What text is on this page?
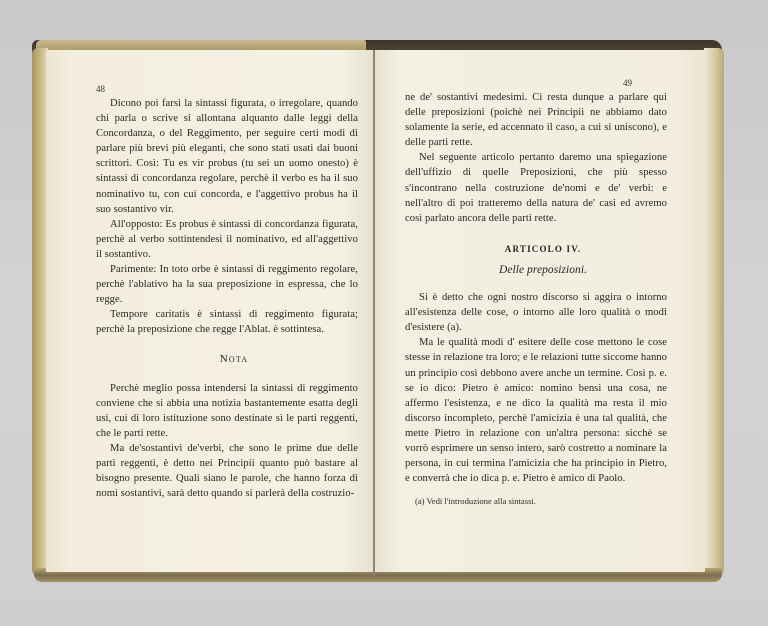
48

Dicono poi farsi la sintassi figurata, o irregolare, quando chi parla o scrive si allontana alquanto dalle leggi della Concordanza, o del Reggimento, per seguire certi modi di parlare più brevi più eleganti, che sono stati usati dai buoni scrittori. Così: Tu es vir probus (tu sei un uomo onesto) è sintassi di concordanza regolare, perchè il verbo es ha il suo nominativo tu, con cui concorda, e l'aggettivo probus ha il suo sostantivo vir.

All'opposto: Es probus è sintassi di concordanza figurata, perchè al verbo sottintendesi il nominativo, ed all'aggettivo il sostantivo.

Parimente: In toto orbe è sintassi di reggimento regolare, perchè l'ablativo ha la sua preposizione in espressa, che lo regge.

Tempore caritatis è sintassi di reggimento figurata; perchè la preposizione che regge l'Ablat. è sottintesa.

Nota

Perchè meglio possa intendersi la sintassi di reggimento conviene che si abbia una notizia bastantemente esatta degli usi, cui di loro istituzione sono destinate sì le parti reggenti, che le parti rette.

Ma de'sostantivi de'verbi, che sono le prime due delle parti reggenti, è detto nei Principii quanto può bastare al bisogno presente. Quali siano le parole, che hanno forza di nomi sostantivi, sarà detto quando si parlerà della costruzio-

49

ne de' sostantivi medesimi. Ci resta dunque a parlare qui delle preposizioni (poichè nei Principii ne abbiamo dato solamente la serie, ed accennato il caso, a cui si uniscono), e delle parti rette.

Nel seguente articolo pertanto daremo una spiegazione dell'uffizio di quelle Preposizioni, che più spesso s'incontrano nella costruzione de'nomi e de' verbi: e nell'altro di poi tratteremo della natura de' casi ed avremo così parlato ancora delle parti rette.

ARTICOLO IV.

Delle preposizioni.

Si è detto che ogni nostro discorso si aggira o intorno all'esistenza delle cose, o intorno alle loro qualità o modi d'esistere (a).

Ma le qualità modi d' esitere delle cose mettono le cose stesse in relazione tra loro; e le relazioni tutte siccome hanno un principio così debbono avere anche un termine. Così p. e. se io dico: Pietro è amico: nomino bensì una cosa, ne affermo l'esistenza, e ne dico la qualità ma resta il mio discorso incompleto, perchè l'amicizia è una tal qualità, che mette Pietro in relazione con un'altra persona: sicchè se vorrò esprimere un senso intero, sarò costretto a nominare la persona, in cui termina l'amicizia che ha principio in Pietro, e converrà che io dica p. e. Pietro è amico di Paolo.

(a) Vedi l'introduzione alla sintassi.
